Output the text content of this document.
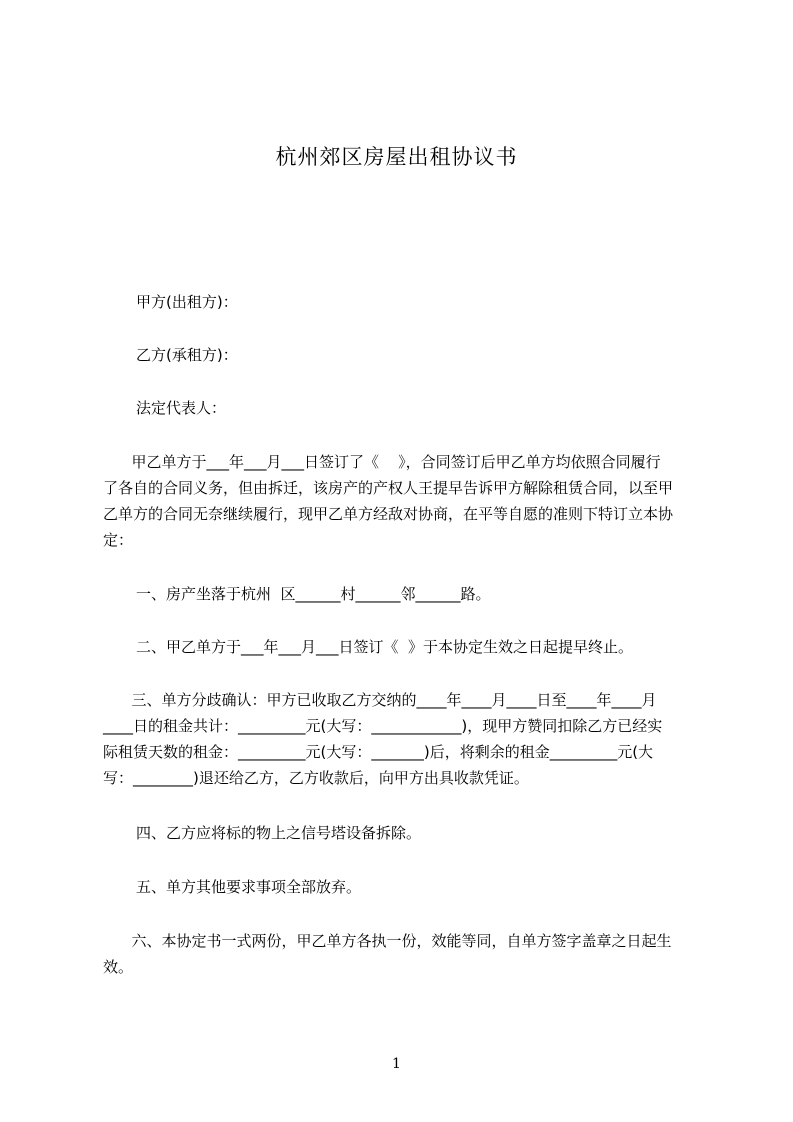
杭州郊区房屋出租协议书

甲方(出租方)：

乙方(承租方)：

法定代表人：

甲乙单方于___年___月___日签订了《    》，合同签订后甲乙单方均依照合同履行

了各自的合同义务，但由拆迁，该房产的产权人王提早告诉甲方解除租赁合同，以至甲

乙单方的合同无奈继续履行，现甲乙单方经敌对协商，在平等自愿的准则下特订立本协

定：

一、房产坐落于杭州  区______村______邻______路。

二、甲乙单方于___年___月___日签订《  》于本协定生效之日起提早终止。

三、单方分歧确认：甲方已收取乙方交纳的____年____月____日至____年____月

____日的租金共计：_________元(大写：____________)，现甲方赞同扣除乙方已经实

际租赁天数的租金：_________元(大写：_______)后，将剩余的租金_________元(大

写：________)退还给乙方，乙方收款后，向甲方出具收款凭证。

四、乙方应将标的物上之信号塔设备拆除。

五、单方其他要求事项全部放弃。

六、本协定书一式两份，甲乙单方各执一份，效能等同，自单方签字盖章之日起生

效。

1
